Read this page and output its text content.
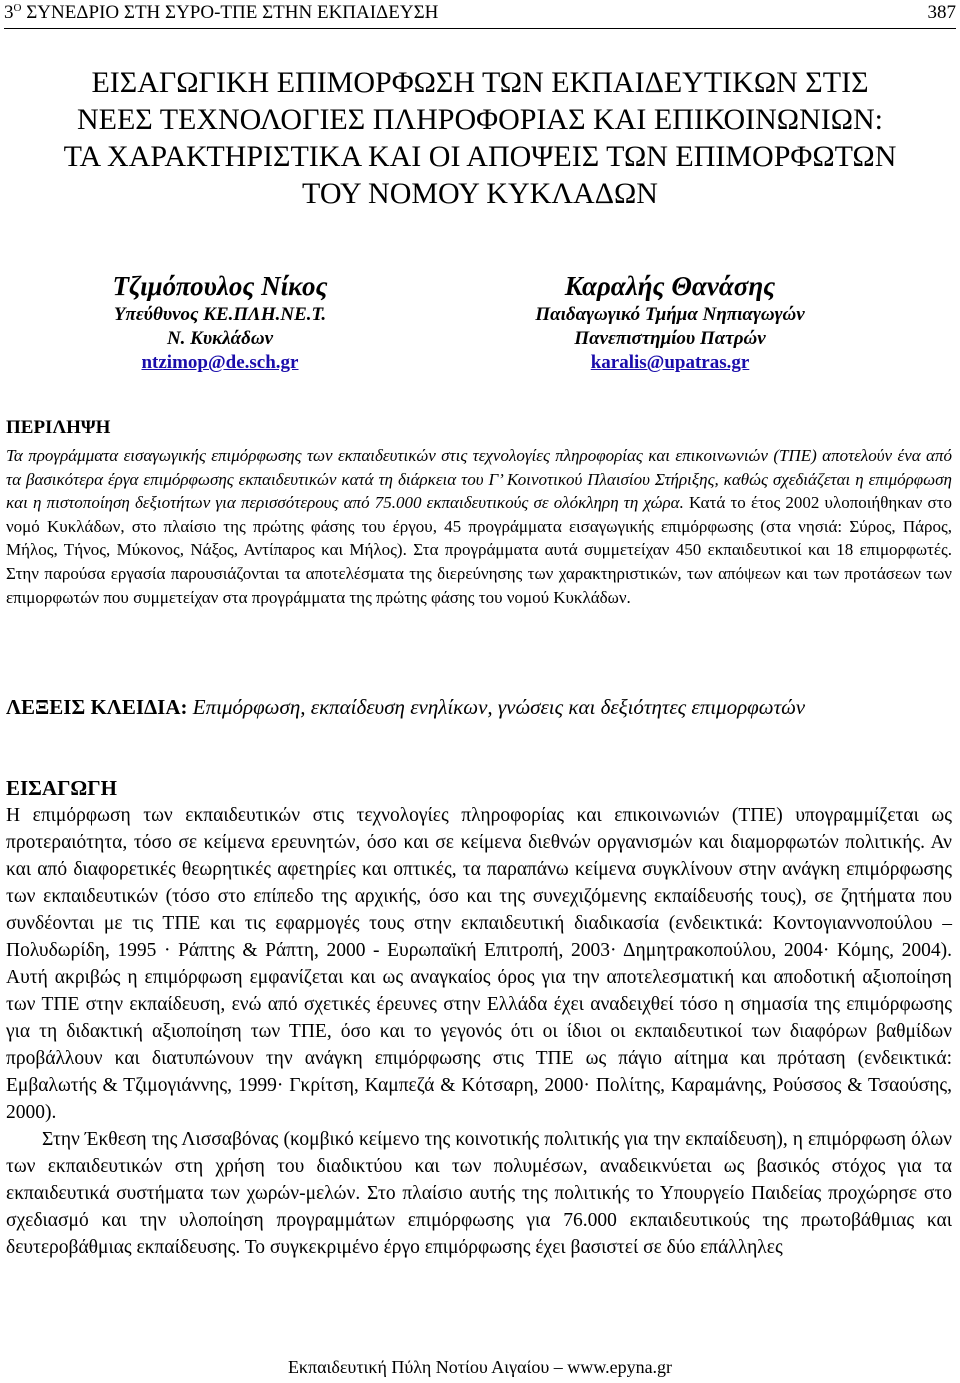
$3^O$ ΣΥΝΕΔΡΙΟ ΣΤΗ ΣΥΡΟ-ΤΠΕ ΣΤΗΝ ΕΚΠΑΙΔΕΥΣΗ	387
ΕΙΣΑΓΩΓΙΚΗ ΕΠΙΜΟΡΦΩΣΗ ΤΩΝ ΕΚΠΑΙΔΕΥΤΙΚΩΝ ΣΤΙΣ
ΝΕΕΣ ΤΕΧΝΟΛΟΓΙΕΣ ΠΛΗΡΟΦΟΡΙΑΣ ΚΑΙ ΕΠΙΚΟΙΝΩΝΙΩΝ:
ΤΑ ΧΑΡΑΚΤΗΡΙΣΤΙΚΑ ΚΑΙ ΟΙ ΑΠΟΨΕΙΣ ΤΩΝ ΕΠΙΜΟΡΦΩΤΩΝ
ΤΟΥ ΝΟΜΟΥ ΚΥΚΛΑΔΩΝ
Τζιμόπουλος Νίκος
Υπεύθυνος ΚΕ.ΠΛΗ.ΝΕ.Τ.
Ν. Κυκλάδων
ntzimop@de.sch.gr
Καραλής Θανάσης
Παιδαγωγικό Τμήμα Νηπιαγωγών
Πανεπιστημίου Πατρών
karalis@upatras.gr
ΠΕΡΙΛΗΨΗ
Τα προγράμματα εισαγωγικής επιμόρφωσης των εκπαιδευτικών στις τεχνολογίες πληροφορίας και επικοινωνιών (ΤΠΕ) αποτελούν ένα από τα βασικότερα έργα επιμόρφωσης εκπαιδευτικών κατά τη διάρκεια του Γ’ Κοινοτικού Πλαισίου Στήριξης, καθώς σχεδιάζεται η επιμόρφωση και η πιστοποίηση δεξιοτήτων για περισσότερους από 75.000 εκπαιδευτικούς σε ολόκληρη τη χώρα. Κατά το έτος 2002 υλοποιήθηκαν στο νομό Κυκλάδων, στο πλαίσιο της πρώτης φάσης του έργου, 45 προγράμματα εισαγωγικής επιμόρφωσης (στα νησιά: Σύρος, Πάρος, Μήλος, Τήνος, Μύκονος, Νάξος, Αντίπαρος και Μήλος). Στα προγράμματα αυτά συμμετείχαν 450 εκπαιδευτικοί και 18 επιμορφωτές. Στην παρούσα εργασία παρουσιάζονται τα αποτελέσματα της διερεύνησης των χαρακτηριστικών, των απόψεων και των προτάσεων των επιμορφωτών που συμμετείχαν στα προγράμματα της πρώτης φάσης του νομού Κυκλάδων.
ΛΕΞΕΙΣ ΚΛΕΙΔΙΑ: Επιμόρφωση, εκπαίδευση ενηλίκων, γνώσεις και δεξιότητες επιμορφωτών
ΕΙΣΑΓΩΓΗ

Η επιμόρφωση των εκπαιδευτικών στις τεχνολογίες πληροφορίας και επικοινωνιών (ΤΠΕ) υπογραμμίζεται ως προτεραιότητα, τόσο σε κείμενα ερευνητών, όσο και σε κείμενα διεθνών οργανισμών και διαμορφωτών πολιτικής. Αν και από διαφορετικές θεωρητικές αφετηρίες και οπτικές, τα παραπάνω κείμενα συγκλίνουν στην ανάγκη επιμόρφωσης των εκπαιδευτικών (τόσο στο επίπεδο της αρχικής, όσο και της συνεχιζόμενης εκπαίδευσής τους), σε ζητήματα που συνδέονται με τις ΤΠΕ και τις εφαρμογές τους στην εκπαιδευτική διαδικασία (ενδεικτικά: Κοντογιαννοπούλου – Πολυδωρίδη, 1995 · Ράπτης & Ράπτη, 2000 - Ευρωπαϊκή Επιτροπή, 2003· Δημητρακοπούλου, 2004· Κόμης, 2004). Αυτή ακριβώς η επιμόρφωση εμφανίζεται και ως αναγκαίος όρος για την αποτελεσματική και αποδοτική αξιοποίηση των ΤΠΕ στην εκπαίδευση, ενώ από σχετικές έρευνες στην Ελλάδα έχει αναδειχθεί τόσο η σημασία της επιμόρφωσης για τη διδακτική αξιοποίηση των ΤΠΕ, όσο και το γεγονός ότι οι ίδιοι οι εκπαιδευτικοί των διαφόρων βαθμίδων προβάλλουν και διατυπώνουν την ανάγκη επιμόρφωσης στις ΤΠΕ ως πάγιο αίτημα και πρόταση (ενδεικτικά: Εμβαλωτής & Τζιμογιάννης, 1999· Γκρίτση, Καμπεζά & Κότσαρη, 2000· Πολίτης, Καραμάνης, Ρούσσος & Τσαούσης, 2000).

Στην Έκθεση της Λισσαβόνας (κομβικό κείμενο της κοινοτικής πολιτικής για την εκπαίδευση), η επιμόρφωση όλων των εκπαιδευτικών στη χρήση του διαδικτύου και των πολυμέσων, αναδεικνύεται ως βασικός στόχος για τα εκπαιδευτικά συστήματα των χωρών-μελών. Στο πλαίσιο αυτής της πολιτικής το Υπουργείο Παιδείας προχώρησε στο σχεδιασμό και την υλοποίηση προγραμμάτων επιμόρφωσης για 76.000 εκπαιδευτικούς της πρωτοβάθμιας και δευτεροβάθμιας εκπαίδευσης. Το συγκεκριμένο έργο επιμόρφωσης έχει βασιστεί σε δύο επάλληλες

Εκπαιδευτική Πύλη Νοτίου Αιγαίου – www.epyna.gr
